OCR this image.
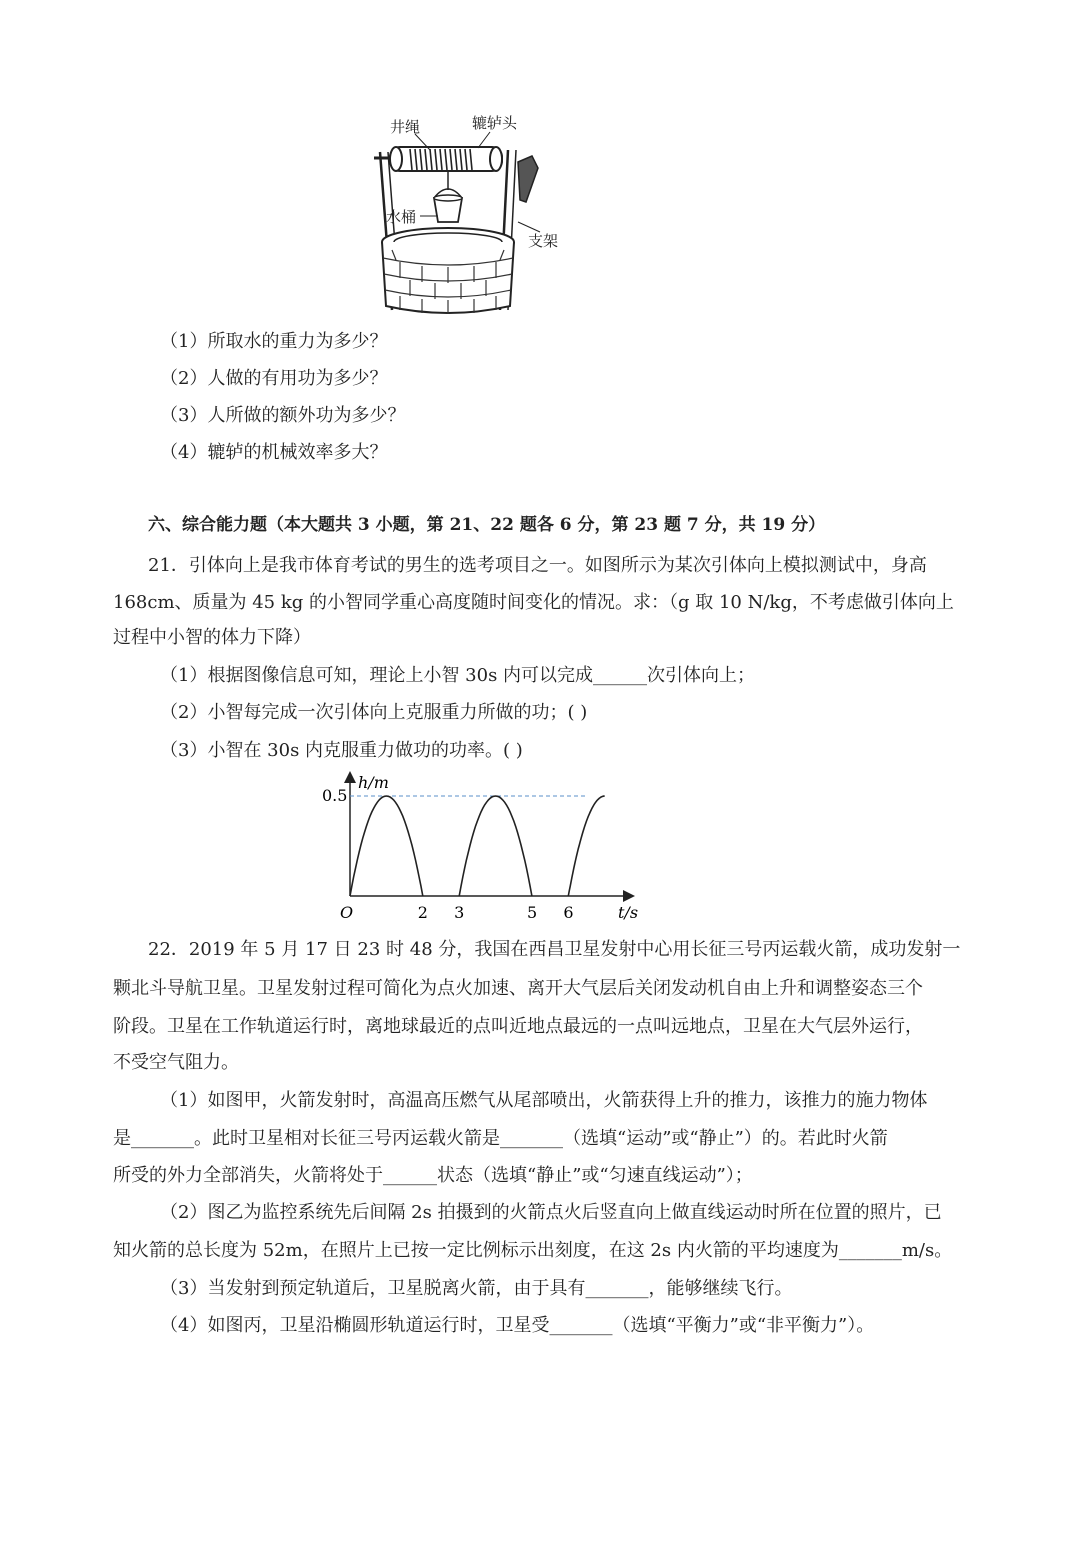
井绳	辘轳头
水桶
支架
（1）所取水的重力为多少？
（2）人做的有用功为多少？
（3）人所做的额外功为多少？
（4）辘轳的机械效率多大？
六、综合能力题（本大题共 3 小题，第 21、22 题各 6 分，第 23 题 7 分，共 19 分）
21．引体向上是我市体育考试的男生的选考项目之一。如图所示为某次引体向上模拟测试中，身高
168cm、质量为 45 kg 的小智同学重心高度随时间变化的情况。求：（g 取 10 N/kg，不考虑做引体向上
过程中小智的体力下降）
（1）根据图像信息可知，理论上小智 30s 内可以完成______次引体向上；
（2）小智每完成一次引体向上克服重力所做的功；( )
（3）小智在 30s 内克服重力做功的功率。( )
2 3	5 6
0.5
h/m
t/s
O
22．2019 年 5 月 17 日 23 时 48 分，我国在西昌卫星发射中心用长征三号丙运载火箭，成功发射一
颗北斗导航卫星。卫星发射过程可简化为点火加速、离开大气层后关闭发动机自由上升和调整姿态三个
阶段。卫星在工作轨道运行时，离地球最近的点叫近地点最远的一点叫远地点，卫星在大气层外运行，
不受空气阻力。
（1）如图甲，火箭发射时，高温高压燃气从尾部喷出，火箭获得上升的推力，该推力的施力物体
是_______。此时卫星相对长征三号丙运载火箭是_______（选填“运动”或“静止”）的。若此时火箭
所受的外力全部消失，火箭将处于______状态（选填“静止”或“匀速直线运动”）；
（2）图乙为监控系统先后间隔 2s 拍摄到的火箭点火后竖直向上做直线运动时所在位置的照片，已
知火箭的总长度为 52m，在照片上已按一定比例标示出刻度，在这 2s 内火箭的平均速度为_______m/s。
（3）当发射到预定轨道后，卫星脱离火箭，由于具有_______，能够继续飞行。
（4）如图丙，卫星沿椭圆形轨道运行时，卫星受_______（选填“平衡力”或“非平衡力”）。
